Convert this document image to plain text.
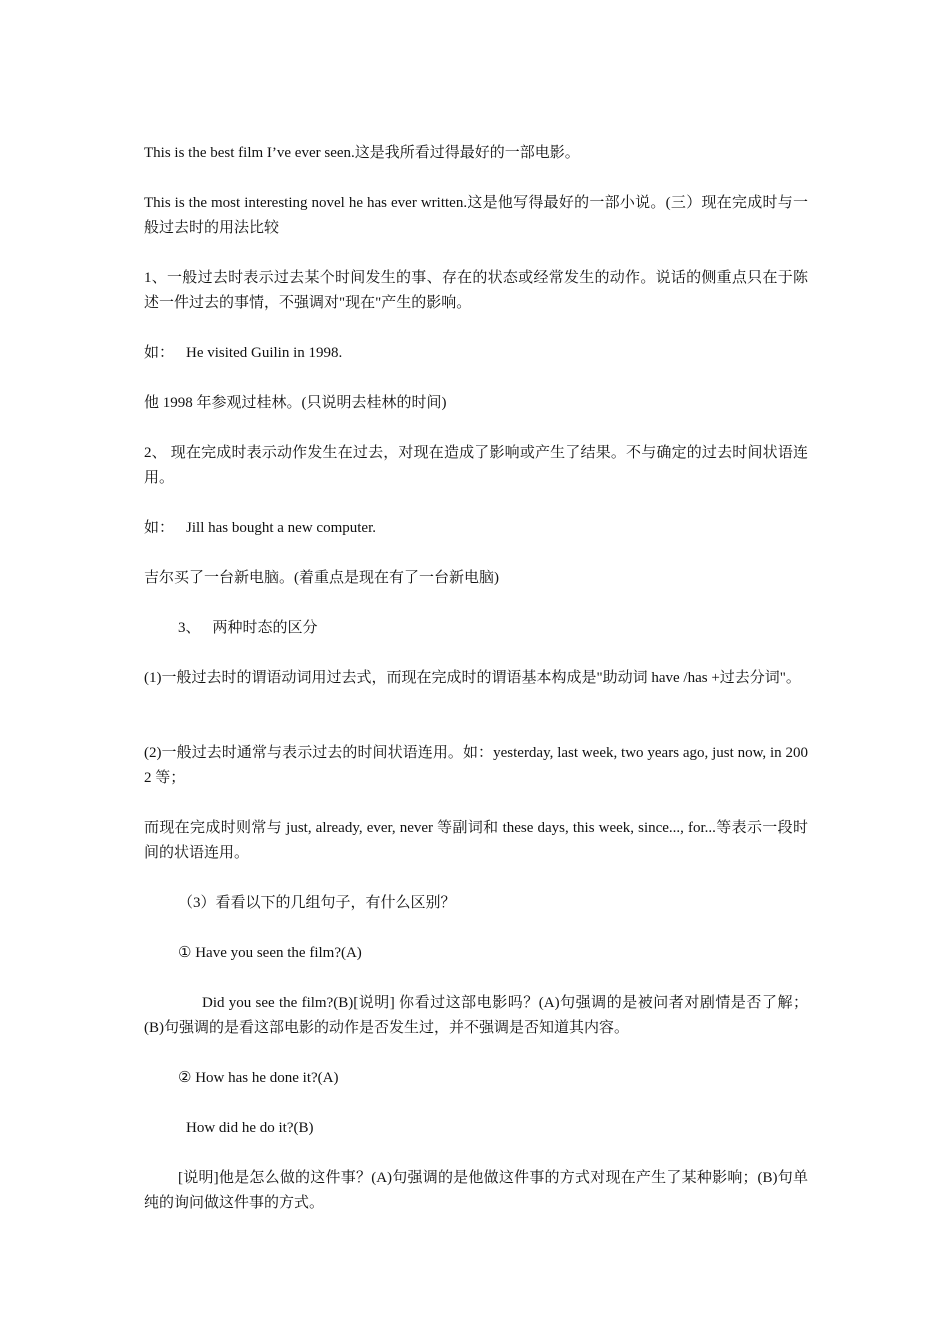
This is the best film I’ve ever seen.这是我所看过得最好的一部电影。

This is the most interesting novel he has ever written.这是他写得最好的一部小说。(三）现在完成时与一般过去时的用法比较

1、一般过去时表示过去某个时间发生的事、存在的状态或经常发生的动作。说话的侧重点只在于陈述一件过去的事情，不强调对"现在"产生的影响。

如： He visited Guilin in 1998.

他 1998 年参观过桂林。(只说明去桂林的时间)

2、 现在完成时表示动作发生在过去，对现在造成了影响或产生了结果。不与确定的过去时间状语连用。

如： Jill has bought a new computer.

吉尔买了一台新电脑。(着重点是现在有了一台新电脑)

3、 两种时态的区分

(1)一般过去时的谓语动词用过去式，而现在完成时的谓语基本构成是"助动词 have /has +过去分词"。

(2)一般过去时通常与表示过去的时间状语连用。如：yesterday, last week, two years ago, just now, in 2002 等；

而现在完成时则常与 just, already, ever, never 等副词和 these days, this week, since..., for...等表示一段时间的状语连用。

（3）看看以下的几组句子，有什么区别？

① Have you seen the film?(A)

Did you see the film?(B)[说明] 你看过这部电影吗？(A)句强调的是被问者对剧情是否了解；(B)句强调的是看这部电影的动作是否发生过，并不强调是否知道其内容。

② How has he done it?(A)

How did he do it?(B)

[说明]他是怎么做的这件事？(A)句强调的是他做这件事的方式对现在产生了某种影响；(B)句单纯的询问做这件事的方式。
